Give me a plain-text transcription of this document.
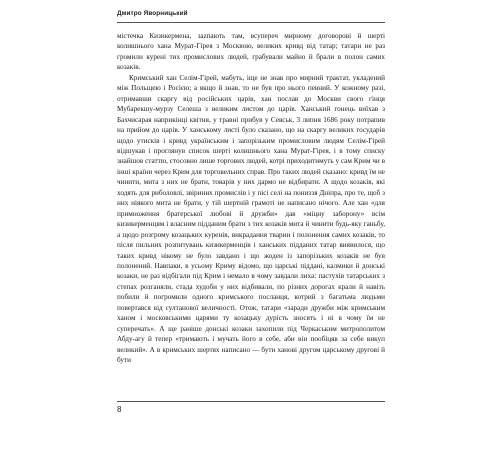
Дмитро Яворницький

містечка Кизикермена, заznають там, всупереч мирному договорові й шерті колишнього хана Мурат-Гірея з Москвою, великих кривд від татар; татари не раз громили курені тих промислових людей, грабували майно й брали в полон самих козаків.

Кримський хан Селім-Гірей, мабуть, іще не знав про мирний трактат, укладений між Польщею і Росією; а якщо й знав, то не був про нього певний. У кожному разі, отримавши скаргу від російських царів, хан послав до Москви свого гінця Мубарекшу-мурзу Селеша з великим листом до царів. Ханський гонець виїхав з Бахчисарая наприкінці квітня, у травні прибув у Севськ, 3 липня 1686 року потрапив на прийом до царів. У ханському листі було сказано, що на скаргу великих государів щодо утисків і кривд українським і запорізьким промисловим людям Селім-Гірей відшукав і проглянув список шерті колишнього хана Мурат-Гірея, і в тому списку знайшов статтю, стосовно лише торгових людей, котрі приходитимуть у сам Крим чи в інші країни через Крим для торговельних справ. Про таких людей сказано: кривд їм не чинити, мита з них не брати, товарів у них дармо не відбирати. А щодо козаків, які ходять для риболовлі, звіриних промислів і у пісі селі на пониззя Дніпра, про те, щоб з них ніякого мита не брати, у тій шертній грамоті не написано нічого. Але хан «для примноження братерської любові й дружби» дав «міцну заборону» всім кизикерменцям і власним підданим брати з тих козаків мита й чинити будь-яку ганьбу, а щодо розгрому козацьких куренів, викрадання тварин і полонення самих козаків, то після пильних розпитувань кизикерменців і ханських підданих татар виявилося, що таких кривд нікому не було завдано і що жоден із запорізьких козаків не був полонений. Навпаки, в усьому Криму відомо, що царські піддані, калмики й донські козаки, не раз відбігали під Крим і немало в чому завдали лиха: пастухів татарських з степах розганяли, стада худоби у них відбивали, по різних дорогах крали й навіть побили й погромили одного кримського посланця, котрий з багатьма людьми повертався від султанової величності. Отож, татари «заради дружби між кримським ханом і московськими царями ту козацьку дурість зносять і ні в чому їм не суперечать». А ще раніше донські козаки захопили під Черкаським митрополитом Абду-агу й тепер «тримають і мучать його в себе, аби він пообіцяв за себе викуп великий». А в кримських шертях написано — бути ханові другом царському другові й бути

8
